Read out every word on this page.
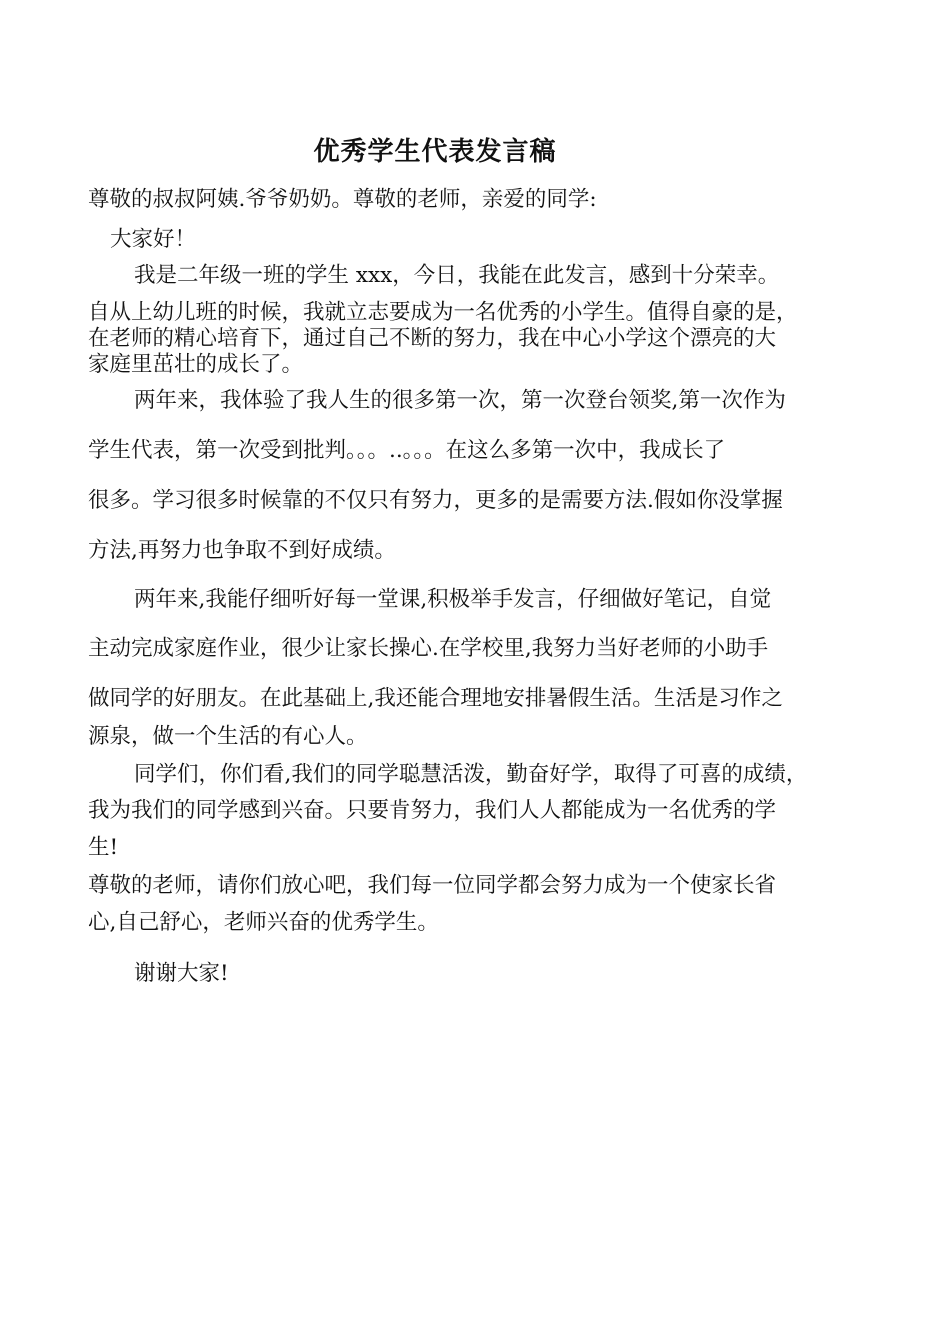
优秀学生代表发言稿
尊敬的叔叔阿姨.爷爷奶奶。尊敬的老师，亲爱的同学:
大家好！
我是二年级一班的学生 xxx，今日，我能在此发言，感到十分荣幸。
自从上幼儿班的时候，我就立志要成为一名优秀的小学生。值得自豪的是，
在老师的精心培育下，通过自己不断的努力，我在中心小学这个漂亮的大
家庭里茁壮的成长了。
两年来，我体验了我人生的很多第一次，第一次登台领奖,第一次作为
学生代表，第一次受到批判。。。..。。。在这么多第一次中，我成长了
很多。学习很多时候靠的不仅只有努力，更多的是需要方法.假如你没掌握
方法,再努力也争取不到好成绩。
两年来,我能仔细听好每一堂课,积极举手发言，仔细做好笔记，自觉
主动完成家庭作业，很少让家长操心.在学校里,我努力当好老师的小助手
做同学的好朋友。在此基础上,我还能合理地安排暑假生活。生活是习作之
源泉，做一个生活的有心人。
同学们，你们看,我们的同学聪慧活泼，勤奋好学，取得了可喜的成绩，
我为我们的同学感到兴奋。只要肯努力，我们人人都能成为一名优秀的学
生!
尊敬的老师，请你们放心吧，我们每一位同学都会努力成为一个使家长省
心,自己舒心，老师兴奋的优秀学生。
谢谢大家!
